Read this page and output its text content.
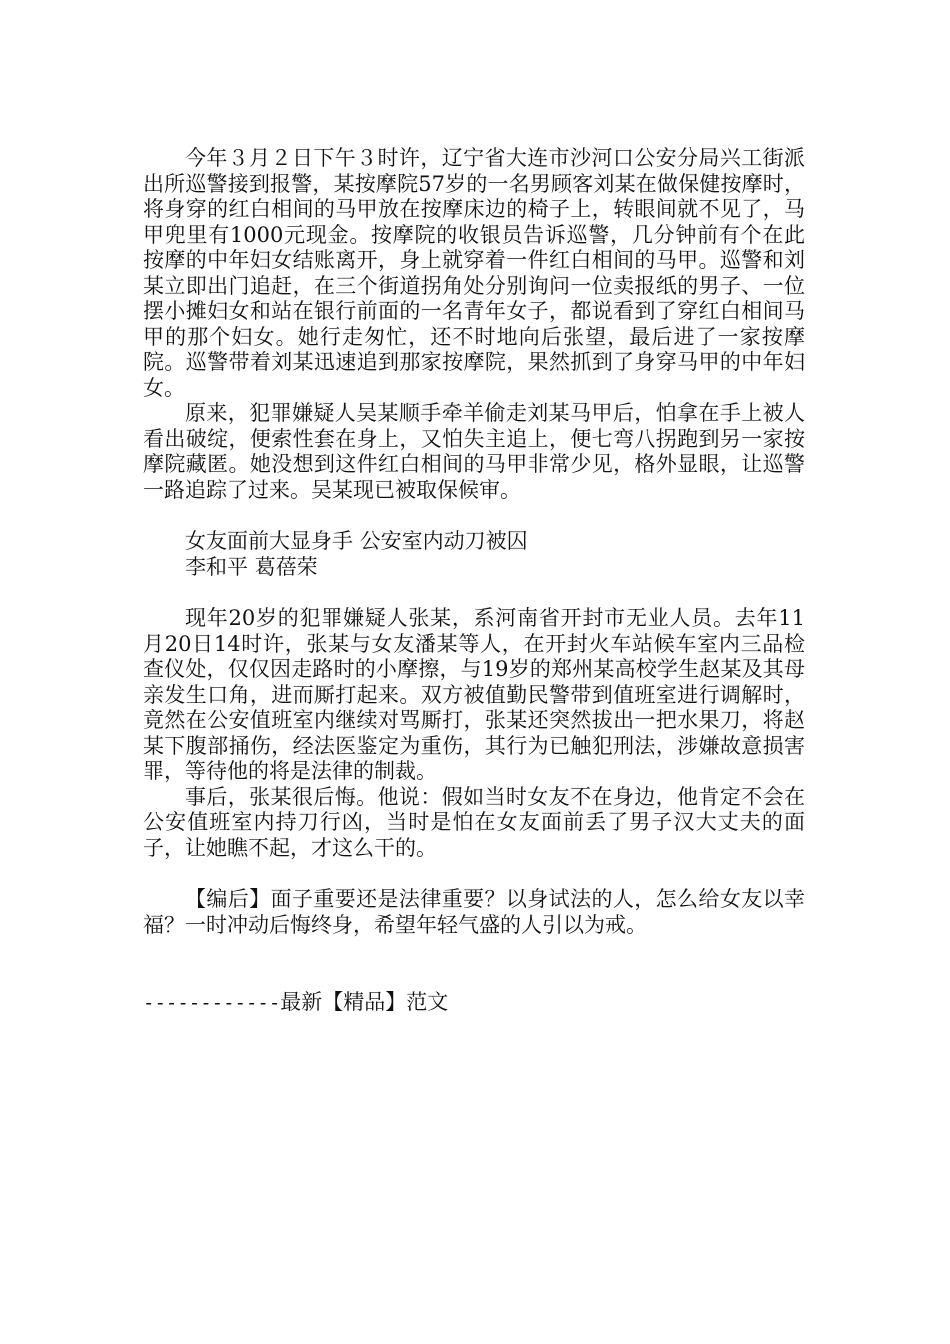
今年３月２日下午３时许，辽宁省大连市沙河口公安分局兴工街派出所巡警接到报警，某按摩院57岁的一名男顾客刘某在做保健按摩时，将身穿的红白相间的马甲放在按摩床边的椅子上，转眼间就不见了，马甲兜里有1000元现金。按摩院的收银员告诉巡警，几分钟前有个在此按摩的中年妇女结账离开，身上就穿着一件红白相间的马甲。巡警和刘某立即出门追赶，在三个街道拐角处分别询问一位卖报纸的男子、一位摆小摊妇女和站在银行前面的一名青年女子，都说看到了穿红白相间马甲的那个妇女。她行走匆忙，还不时地向后张望，最后进了一家按摩院。巡警带着刘某迅速追到那家按摩院，果然抓到了身穿马甲的中年妇女。

原来，犯罪嫌疑人吴某顺手牵羊偷走刘某马甲后，怕拿在手上被人看出破绽，便索性套在身上，又怕失主追上，便七弯八拐跑到另一家按摩院藏匿。她没想到这件红白相间的马甲非常少见，格外显眼，让巡警一路追踪了过来。吴某现已被取保候审。

女友面前大显身手 公安室内动刀被囚

李和平 葛蓓荣

现年20岁的犯罪嫌疑人张某，系河南省开封市无业人员。去年11月20日14时许，张某与女友潘某等人，在开封火车站候车室内三品检查仪处，仅仅因走路时的小摩擦，与19岁的郑州某高校学生赵某及其母亲发生口角，进而厮打起来。双方被值勤民警带到值班室进行调解时，竟然在公安值班室内继续对骂厮打，张某还突然拔出一把水果刀，将赵某下腹部捅伤，经法医鉴定为重伤，其行为已触犯刑法，涉嫌故意损害罪，等待他的将是法律的制裁。

事后，张某很后悔。他说：假如当时女友不在身边，他肯定不会在公安值班室内持刀行凶，当时是怕在女友面前丢了男子汉大丈夫的面子，让她瞧不起，才这么干的。

【编后】面子重要还是法律重要？以身试法的人，怎么给女友以幸福？一时冲动后悔终身，希望年轻气盛的人引以为戒。

------------最新【精品】范文
